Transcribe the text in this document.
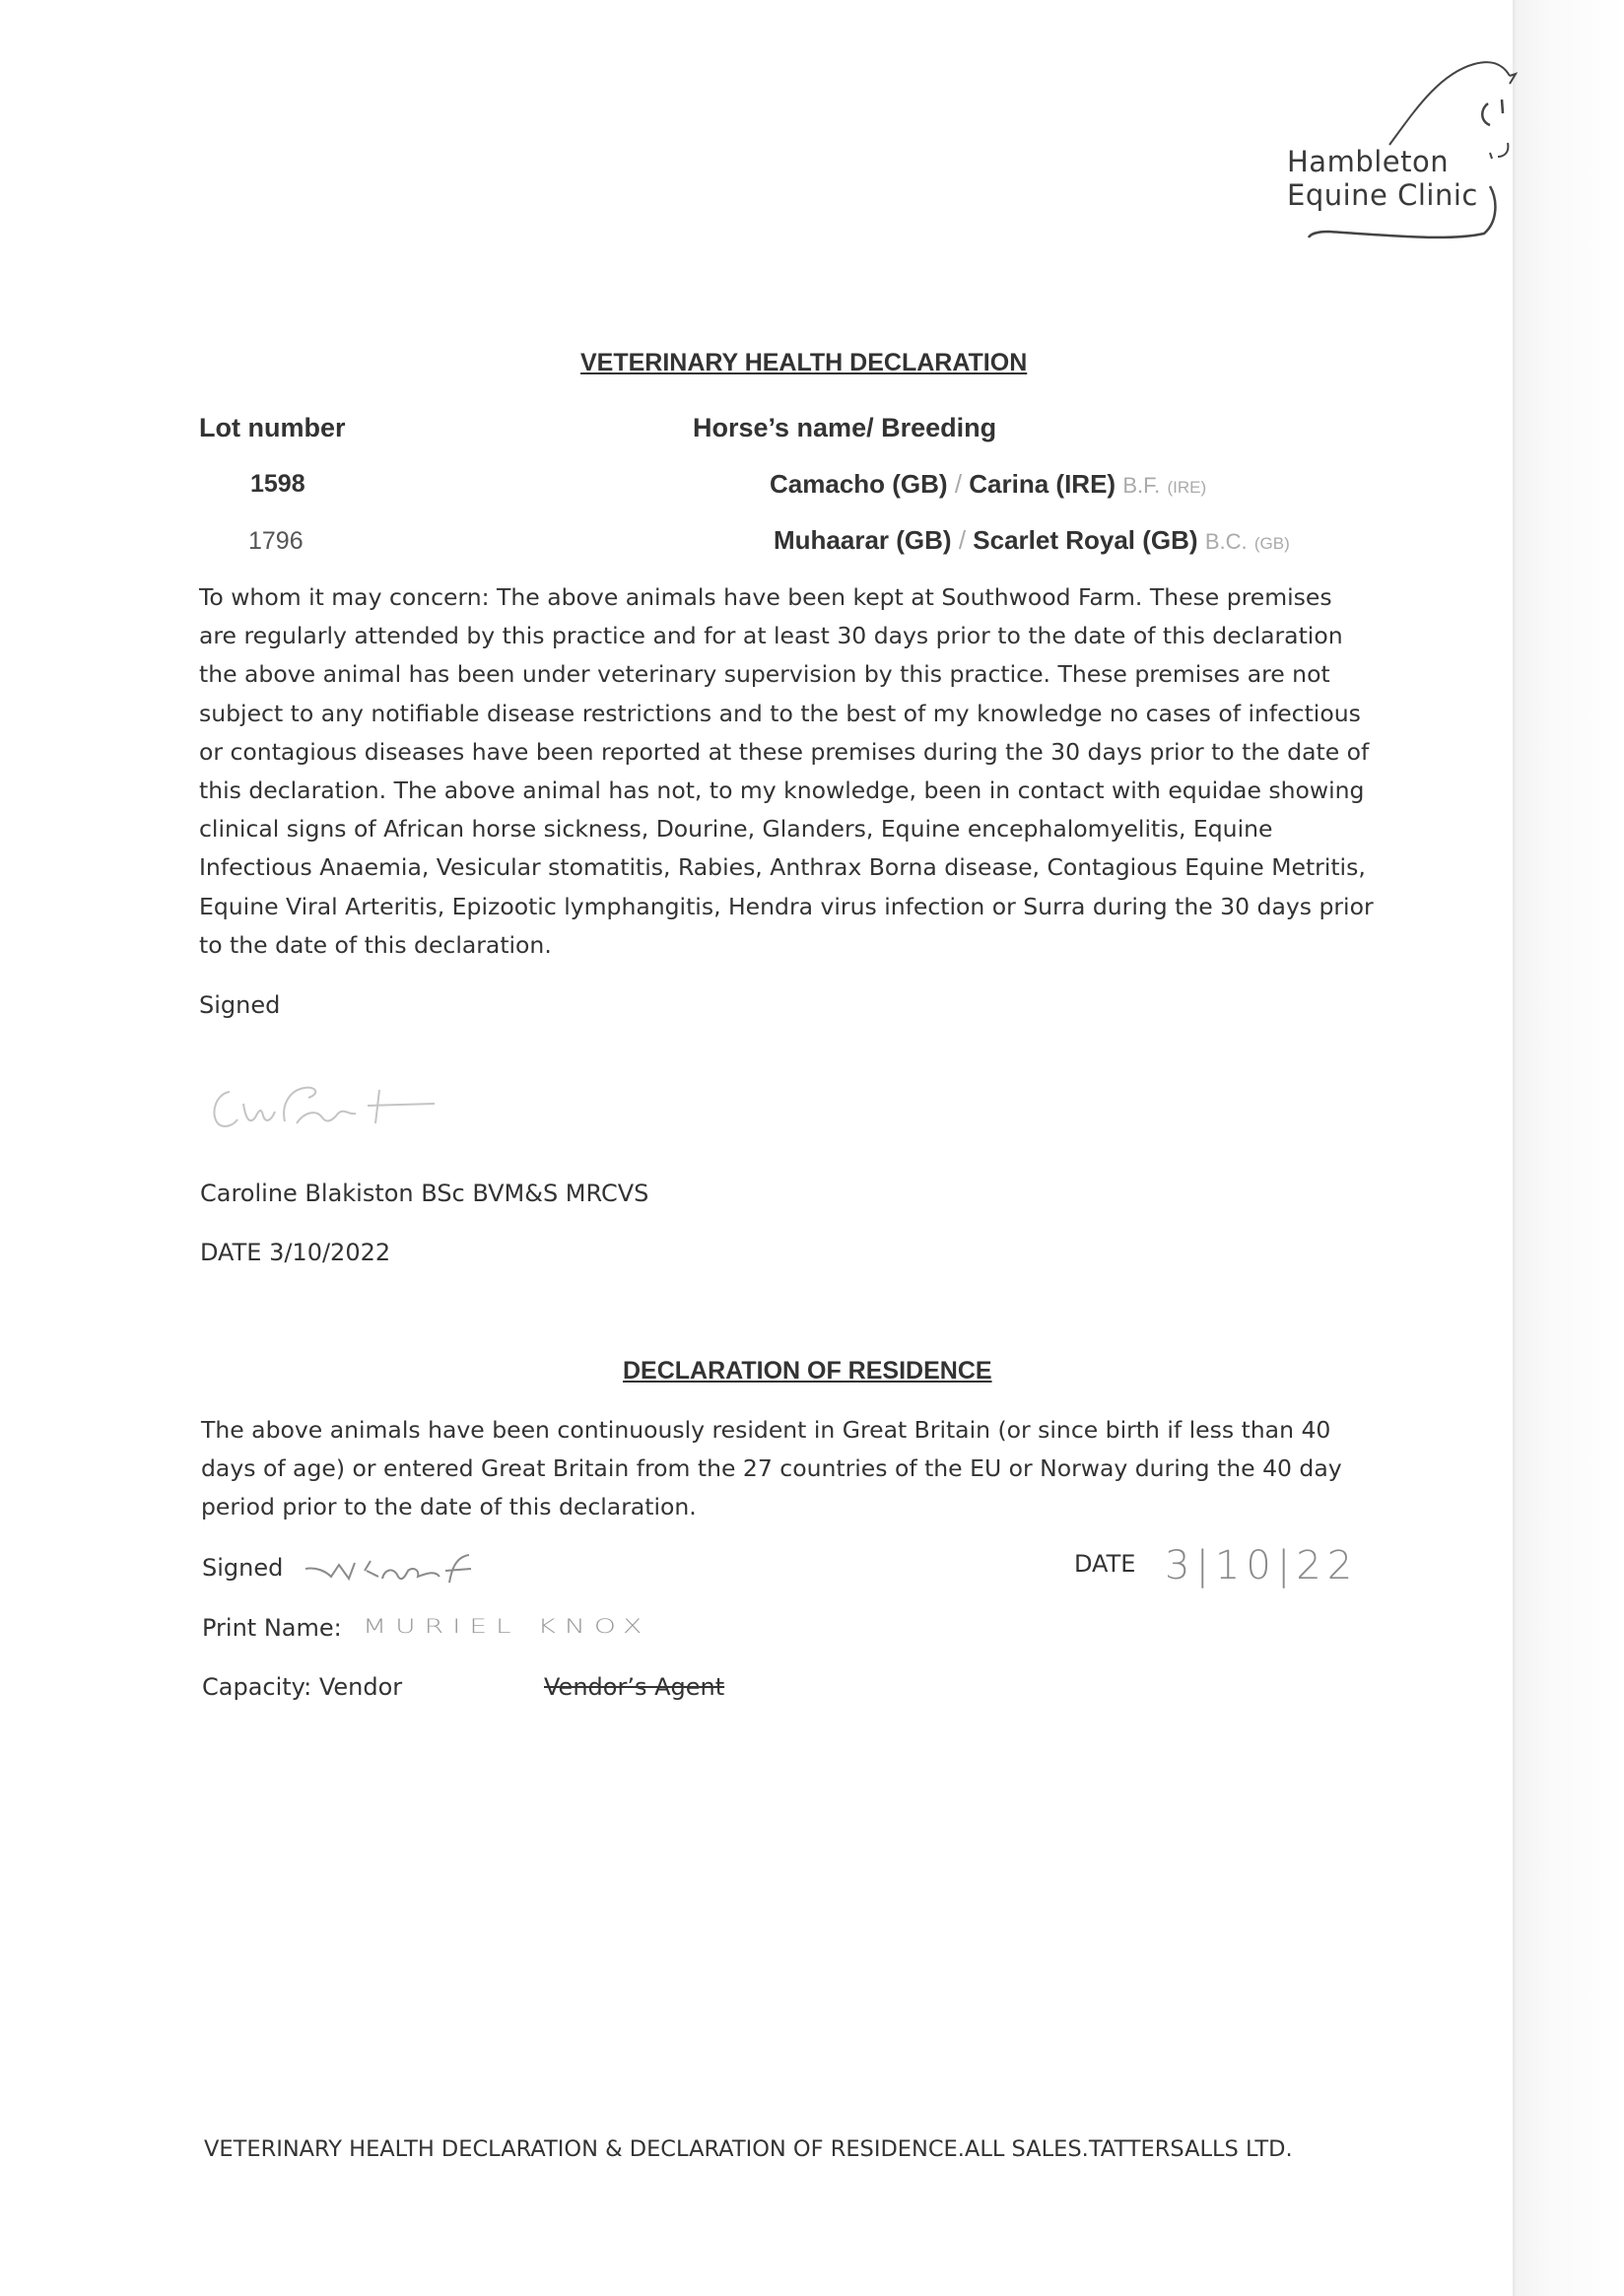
Hambleton
Equine Clinic
VETERINARY HEALTH DECLARATION
Lot number	Horse’s name/ Breeding
1598	Camacho (GB) / Carina (IRE) B.F. (IRE)
1796	Muhaarar (GB) / Scarlet Royal (GB) B.C. (GB)
To whom it may concern: The above animals have been kept at Southwood Farm. These premises
are regularly attended by this practice and for at least 30 days prior to the date of this declaration
the above animal has been under veterinary supervision by this practice. These premises are not
subject to any notifiable disease restrictions and to the best of my knowledge no cases of infectious
or contagious diseases have been reported at these premises during the 30 days prior to the date of
this declaration. The above animal has not, to my knowledge, been in contact with equidae showing
clinical signs of African horse sickness, Dourine, Glanders, Equine encephalomyelitis, Equine
Infectious Anaemia, Vesicular stomatitis, Rabies, Anthrax Borna disease, Contagious Equine Metritis,
Equine Viral Arteritis, Epizootic lymphangitis, Hendra virus infection or Surra during the 30 days prior
to the date of this declaration.
Signed
Caroline Blakiston BSc BVM&S MRCVS
DATE 3/10/2022
DECLARATION OF RESIDENCE
The above animals have been continuously resident in Great Britain (or since birth if less than 40
days of age) or entered Great Britain from the 27 countries of the EU or Norway during the 40 day
period prior to the date of this declaration.
Signed	DATE 3|10|22
Print Name: MURIEL KNOX
Capacity: Vendor	Vendor’s Agent
VETERINARY HEALTH DECLARATION & DECLARATION OF RESIDENCE.ALL SALES.TATTERSALLS LTD.
